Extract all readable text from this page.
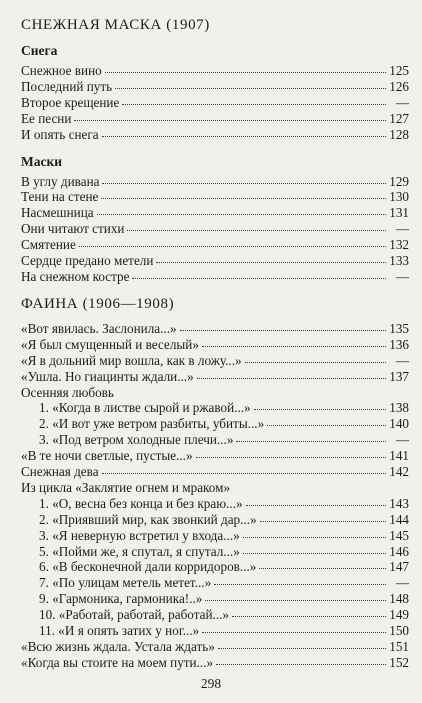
СНЕЖНАЯ МАСКА (1907)
Снега
Снежное вино	125
Последний путь	126
Второе крещение	—
Ее песни	127
И опять снега	128
Маски
В углу дивана	129
Тени на стене	130
Насмешница	131
Они читают стихи	—
Смятение	132
Сердце предано метели	133
На снежном костре	—
ФАИНА (1906—1908)
«Вот явилась. Заслонила...»	135
«Я был смущенный и веселый»	136
«Я в дольний мир вошла, как в ложу...»	—
«Ушла. Но гиацинты ждали...»	137
Осенняя любовь
1. «Когда в листве сырой и ржавой...»	138
2. «И вот уже ветром разбиты, убиты...»	140
3. «Под ветром холодные плечи...»	—
«В те ночи светлые, пустые...»	141
Снежная дева	142
Из цикла «Заклятие огнем и мраком»
1. «О, весна без конца и без краю...»	143
2. «Приявший мир, как звонкий дар...»	144
3. «Я неверную встретил у входа...»	145
5. «Пойми же, я спутал, я спутал...»	146
6. «В бесконечной дали корридоров...»	147
7. «По улицам метель метет...»	—
9. «Гармоника, гармоника!..»	148
10. «Работай, работай, работай...»	149
11. «И я опять затих у ног...»	150
«Всю жизнь ждала. Устала ждать»	151
«Когда вы стоите на моем пути...»	152
298
